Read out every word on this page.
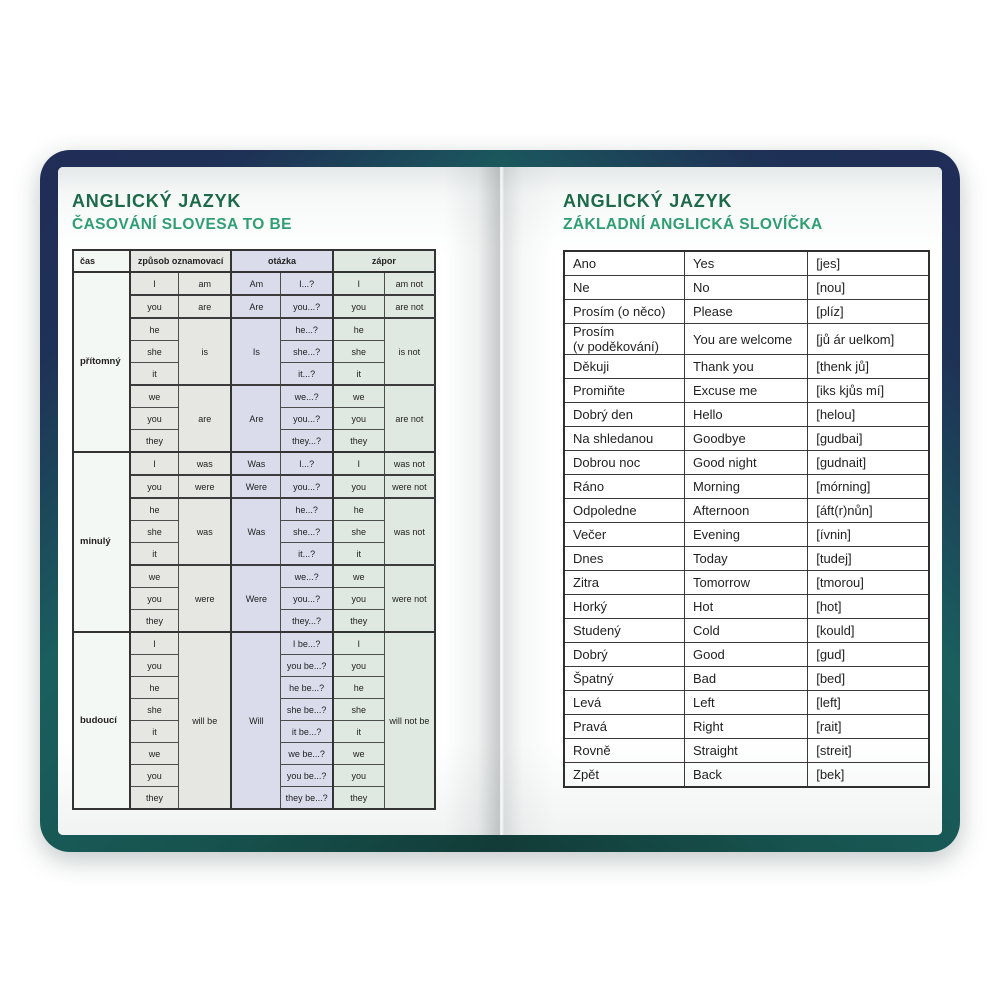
ANGLICKÝ JAZYK
ČASOVÁNÍ SLOVESA TO BE
čas	způsob oznamovací		otázka		zápor	
přítomný	I	am	Am	I...?	I	am not
	you	are	Are	you...?	you	are not
	he	is	Is	he...?	he	is not
	she			she...?	she	
	it			it...?	it	
	we	are	Are	we...?	we	are not
	you			you...?	you	
	they			they...?	they	
minulý	I	was	Was	I...?	I	was not
	you	were	Were	you...?	you	were not
	he	was	Was	he...?	he	was not
	she			she...?	she	
	it			it...?	it	
	we	were	Were	we...?	we	were not
	you			you...?	you	
	they			they...?	they	
budoucí	I	will be	Will	I be...?	I	will not be
	you			you be...?	you	
	he			he be...?	he	
	she			she be...?	she	
	it			it be...?	it	
	we			we be...?	we	
	you			you be...?	you	
	they			they be...?	they	
ANGLICKÝ JAZYK
ZÁKLADNÍ ANGLICKÁ SLOVÍČKA
Ano	Yes	[jes]
Ne	No	[nou]
Prosím (o něco)	Please	[plíz]
Prosím
(v poděkování)	You are welcome	[jů ár uelkom]
Děkuji	Thank you	[thenk jů]
Promiňte	Excuse me	[iks kjůs mí]
Dobrý den	Hello	[helou]
Na shledanou	Goodbye	[gudbai]
Dobrou noc	Good night	[gudnait]
Ráno	Morning	[mórning]
Odpoledne	Afternoon	[áft(r)nůn]
Večer	Evening	[ívnin]
Dnes	Today	[tudej]
Zitra	Tomorrow	[tmorou]
Horký	Hot	[hot]
Studený	Cold	[kould]
Dobrý	Good	[gud]
Špatný	Bad	[bed]
Levá	Left	[left]
Pravá	Right	[rait]
Rovně	Straight	[streit]
Zpět	Back	[bek]
